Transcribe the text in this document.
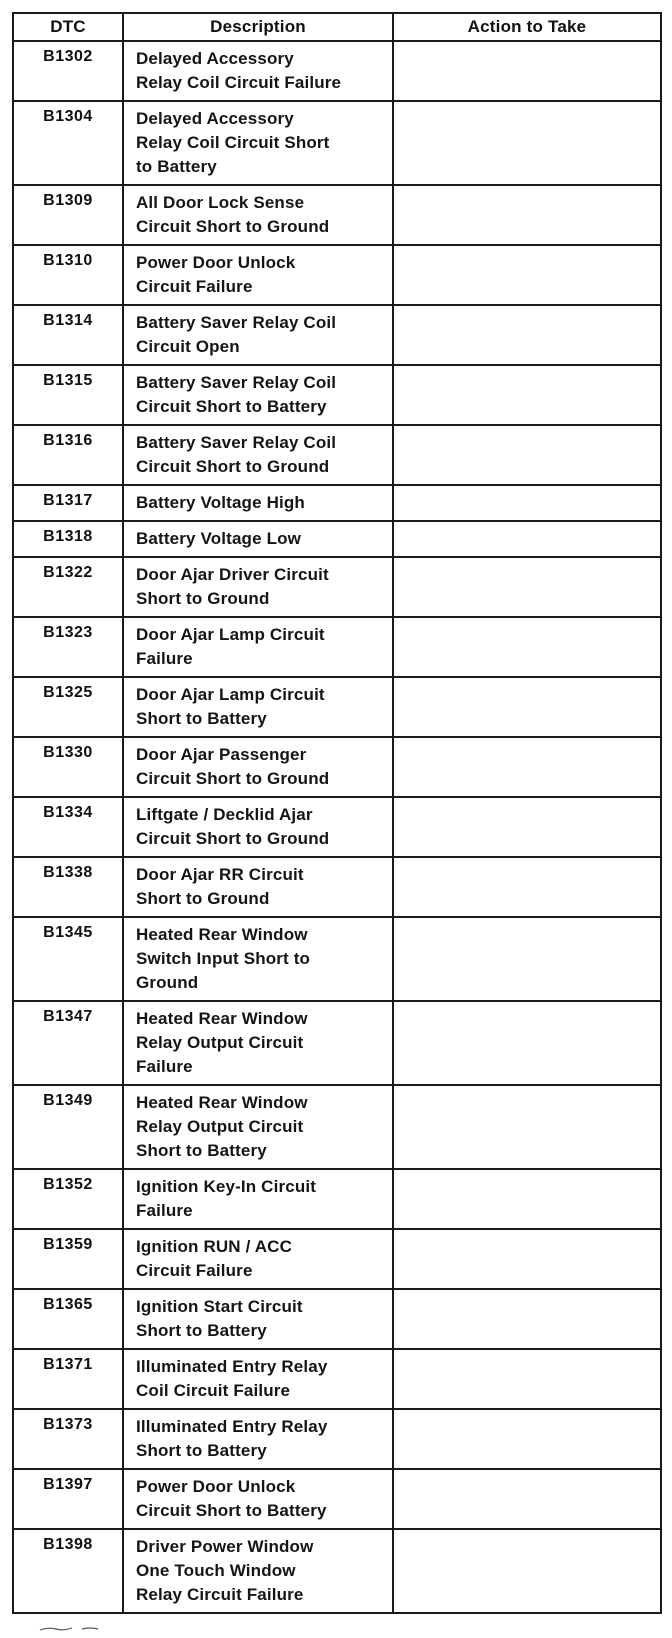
DTC	Description	Action to Take
B1302	Delayed Accessory
Relay Coil Circuit Failure	

B1304	Delayed Accessory
Relay Coil Circuit Short
to Battery	

B1309	All Door Lock Sense
Circuit Short to Ground	

B1310	Power Door Unlock
Circuit Failure	

B1314	Battery Saver Relay Coil
Circuit Open	

B1315	Battery Saver Relay Coil
Circuit Short to Battery	

B1316	Battery Saver Relay Coil
Circuit Short to Ground	

B1317	Battery Voltage High	

B1318	Battery Voltage Low	

B1322	Door Ajar Driver Circuit
Short to Ground	

B1323	Door Ajar Lamp Circuit
Failure	

B1325	Door Ajar Lamp Circuit
Short to Battery	

B1330	Door Ajar Passenger
Circuit Short to Ground	

B1334	Liftgate / Decklid Ajar
Circuit Short to Ground	

B1338	Door Ajar RR Circuit
Short to Ground	

B1345	Heated Rear Window
Switch Input Short to
Ground	

B1347	Heated Rear Window
Relay Output Circuit
Failure	

B1349	Heated Rear Window
Relay Output Circuit
Short to Battery	

B1352	Ignition Key-In Circuit
Failure	

B1359	Ignition RUN / ACC
Circuit Failure	

B1365	Ignition Start Circuit
Short to Battery	

B1371	Illuminated Entry Relay
Coil Circuit Failure	

B1373	Illuminated Entry Relay
Short to Battery	

B1397	Power Door Unlock
Circuit Short to Battery	

B1398	Driver Power Window
One Touch Window
Relay Circuit Failure	
